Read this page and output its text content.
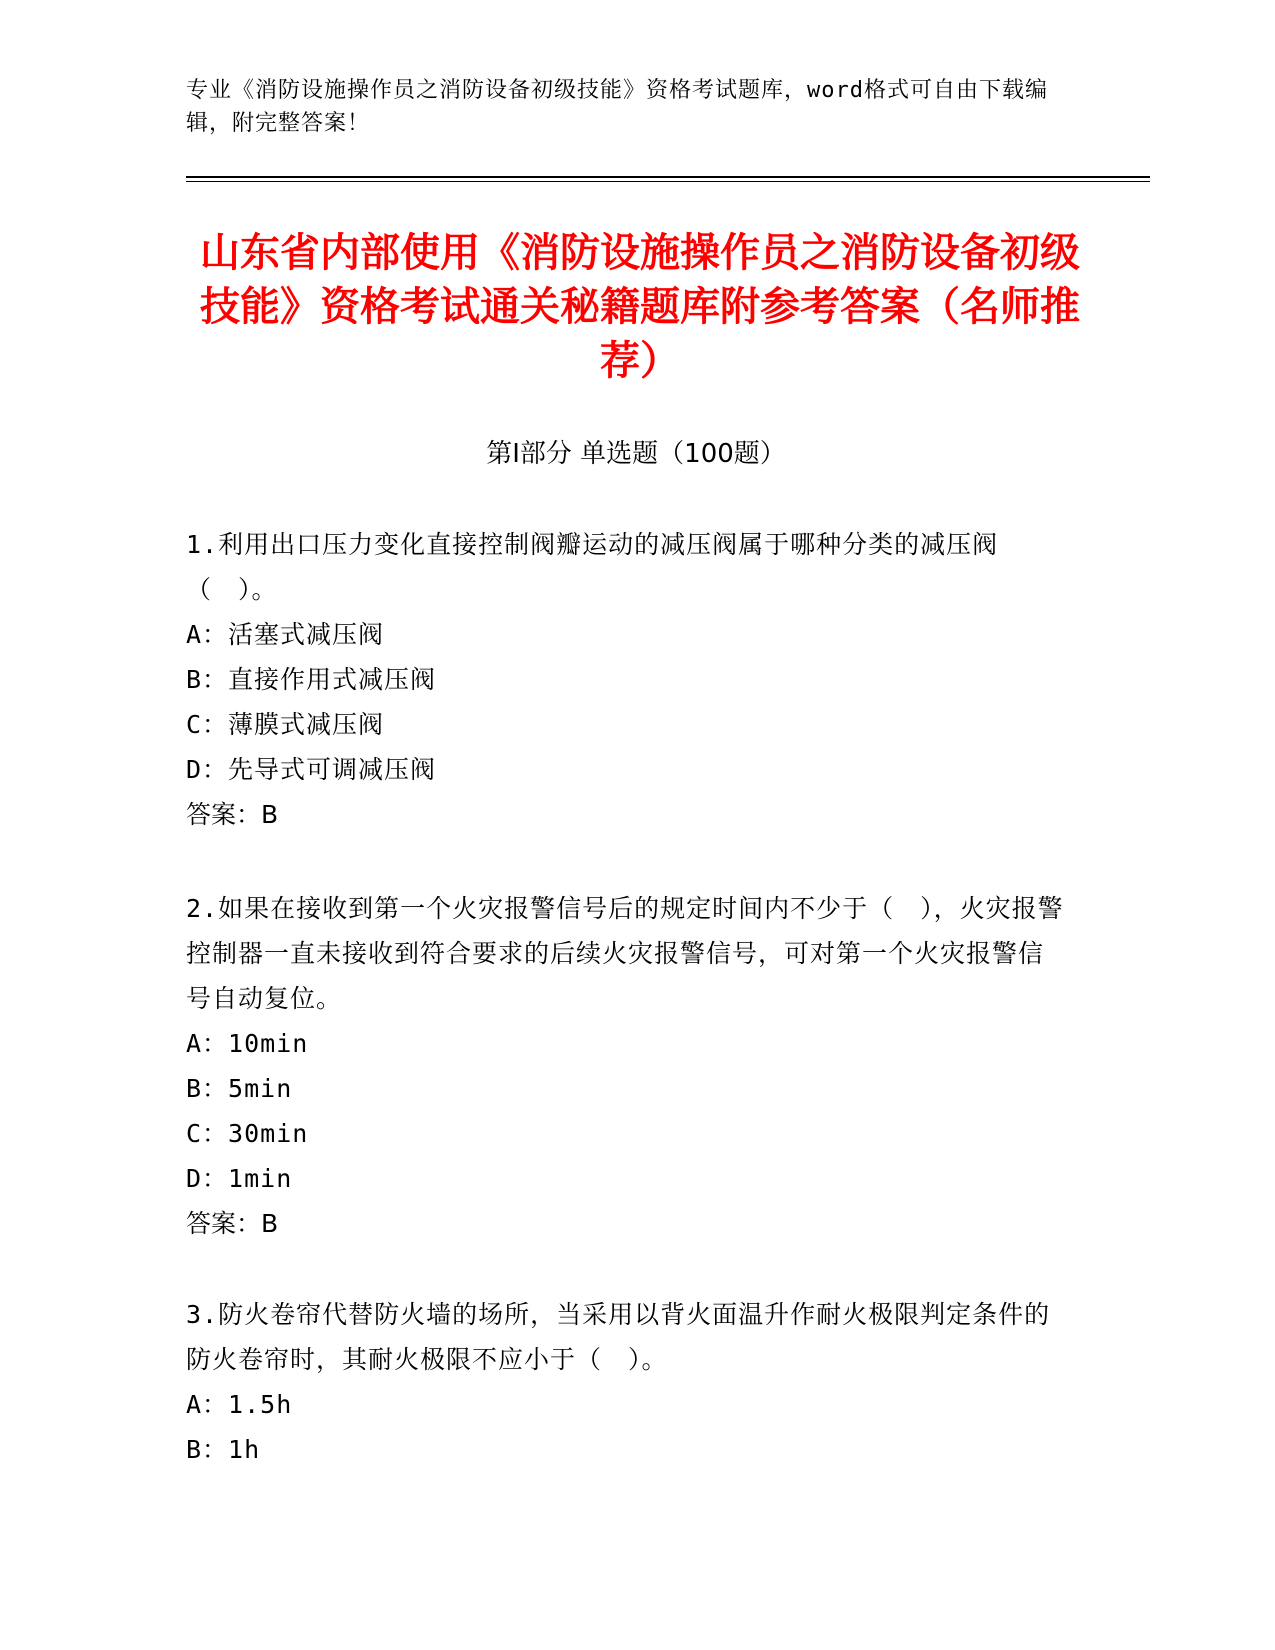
专业《消防设施操作员之消防设备初级技能》资格考试题库，word格式可自由下载编辑，附完整答案！
山东省内部使用《消防设施操作员之消防设备初级技能》资格考试通关秘籍题库附参考答案（名师推荐）
第Ⅰ部分 单选题（100题）

1.利用出口压力变化直接控制阀瓣运动的减压阀属于哪种分类的减压阀（　）。

A：活塞式减压阀

B：直接作用式减压阀

C：薄膜式减压阀

D：先导式可调减压阀

答案：B

2.如果在接收到第一个火灾报警信号后的规定时间内不少于（　），火灾报警控制器一直未接收到符合要求的后续火灾报警信号，可对第一个火灾报警信号自动复位。

A：10min

B：5min

C：30min

D：1min

答案：B

3.防火卷帘代替防火墙的场所，当采用以背火面温升作耐火极限判定条件的防火卷帘时，其耐火极限不应小于（　）。

A：1.5h

B：1h
